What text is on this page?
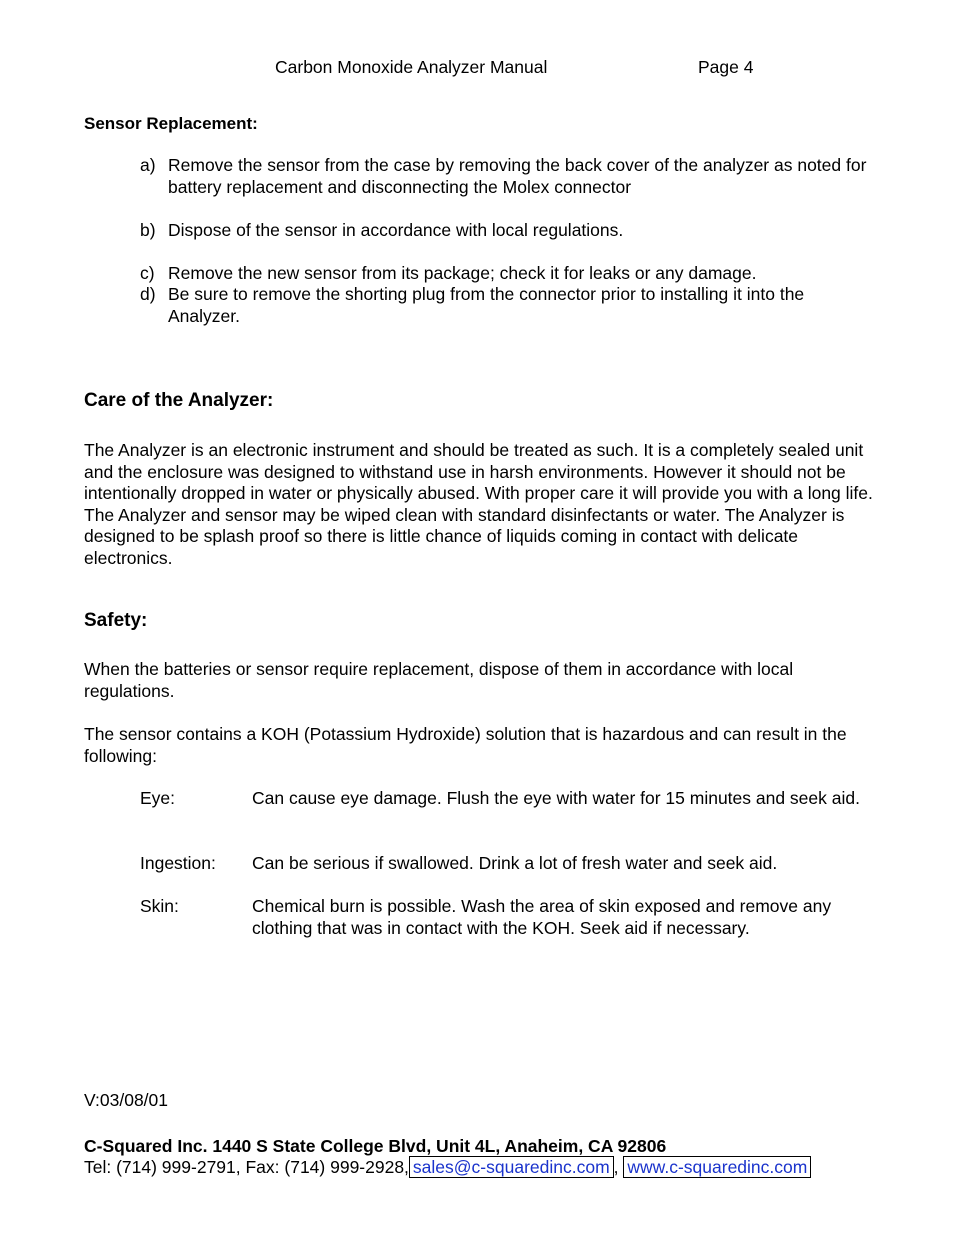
Carbon Monoxide Analyzer Manual	Page 4
Sensor Replacement:
a) Remove the sensor from the case by removing the back cover of the analyzer as noted for battery replacement and disconnecting the Molex connector
b) Dispose of the sensor in accordance with local regulations.
c) Remove the new sensor from its package; check it for leaks or any damage.
d) Be sure to remove the shorting plug from the connector prior to installing it into the Analyzer.
Care of the Analyzer:
The Analyzer is an electronic instrument and should be treated as such. It is a completely sealed unit and the enclosure was designed to withstand use in harsh environments. However it should not be intentionally dropped in water or physically abused. With proper care it will provide you with a long life. The Analyzer and sensor may be wiped clean with standard disinfectants or water. The Analyzer is designed to be splash proof so there is little chance of liquids coming in contact with delicate electronics.
Safety:
When the batteries or sensor require replacement, dispose of them in accordance with local regulations.
The sensor contains a KOH (Potassium Hydroxide) solution that is hazardous and can result in the following:
Eye:	Can cause eye damage. Flush the eye with water for 15 minutes and seek aid.
Ingestion: Can be serious if swallowed. Drink a lot of fresh water and seek aid.
Skin:	Chemical burn is possible. Wash the area of skin exposed and remove any clothing that was in contact with the KOH. Seek aid if necessary.
V:03/08/01
C-Squared Inc. 1440 S State College Blvd, Unit 4L, Anaheim, CA 92806
Tel: (714) 999-2791, Fax: (714) 999-2928, sales@c-squaredinc.com , www.c-squaredinc.com
